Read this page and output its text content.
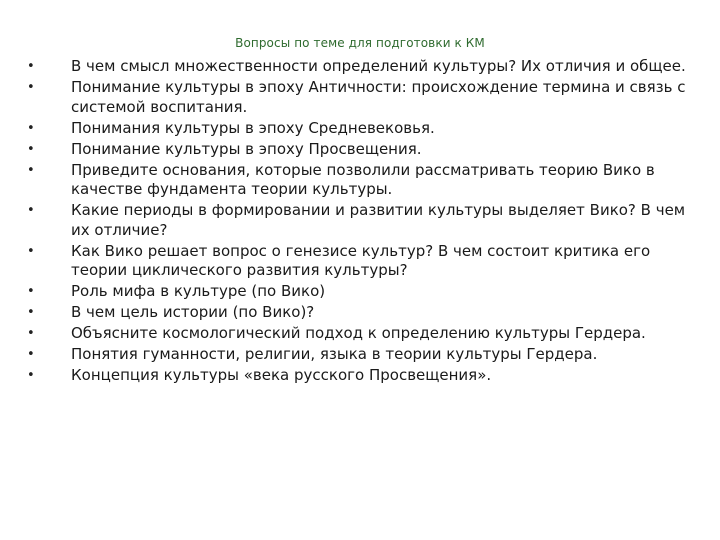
Вопросы по теме для подготовки к КМ
• В чем смысл множественности определений культуры? Их отличия и общее.
• Понимание культуры в эпоху Античности: происхождение термина и связь с системой воспитания.
• Понимания культуры в эпоху Средневековья.
• Понимание культуры в эпоху Просвещения.
• Приведите основания, которые позволили рассматривать теорию Вико в качестве фундамента теории культуры.
• Какие периоды в формировании и развитии культуры выделяет Вико? В чем их отличие?
• Как Вико решает вопрос о генезисе культур? В чем состоит критика его теории циклического развития культуры?
• Роль мифа в культуре (по Вико)
• В чем цель истории (по Вико)?
• Объясните космологический подход к определению культуры Гердера.
• Понятия гуманности, религии, языка в теории культуры Гердера.
• Концепция культуры «века русского Просвещения».
